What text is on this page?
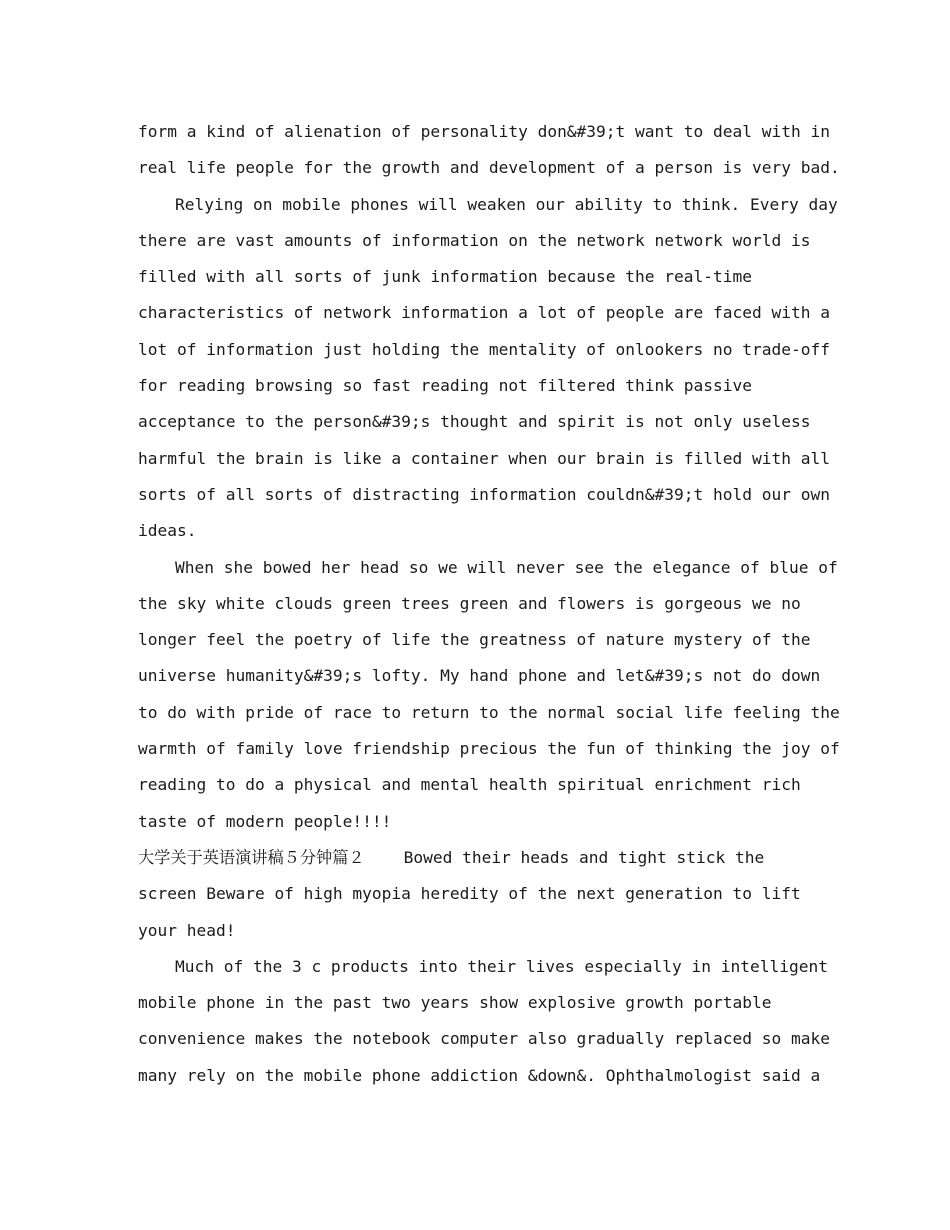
form a kind of alienation of personality don&#39;t want to deal with in
real life people for the growth and development of a person is very bad.
Relying on mobile phones will weaken our ability to think. Every day
there are vast amounts of information on the network network world is
filled with all sorts of junk information because the real-time
characteristics of network information a lot of people are faced with a
lot of information just holding the mentality of onlookers no trade-off
for reading browsing so fast reading not filtered think passive
acceptance to the person&#39;s thought and spirit is not only useless
harmful the brain is like a container when our brain is filled with all
sorts of all sorts of distracting information couldn&#39;t hold our own
ideas.
When she bowed her head so we will never see the elegance of blue of
the sky white clouds green trees green and flowers is gorgeous we no
longer feel the poetry of life the greatness of nature mystery of the
universe humanity&#39;s lofty. My hand phone and let&#39;s not do down
to do with pride of race to return to the normal social life feeling the
warmth of family love friendship precious the fun of thinking the joy of
reading to do a physical and mental health spiritual enrichment rich
taste of modern people!!!!
大学关于英语演讲稿５分钟篇２    Bowed their heads and tight stick the
screen Beware of high myopia heredity of the next generation to lift
your head!
Much of the 3 c products into their lives especially in intelligent
mobile phone in the past two years show explosive growth portable
convenience makes the notebook computer also gradually replaced so make
many rely on the mobile phone addiction &down&. Ophthalmologist said a
